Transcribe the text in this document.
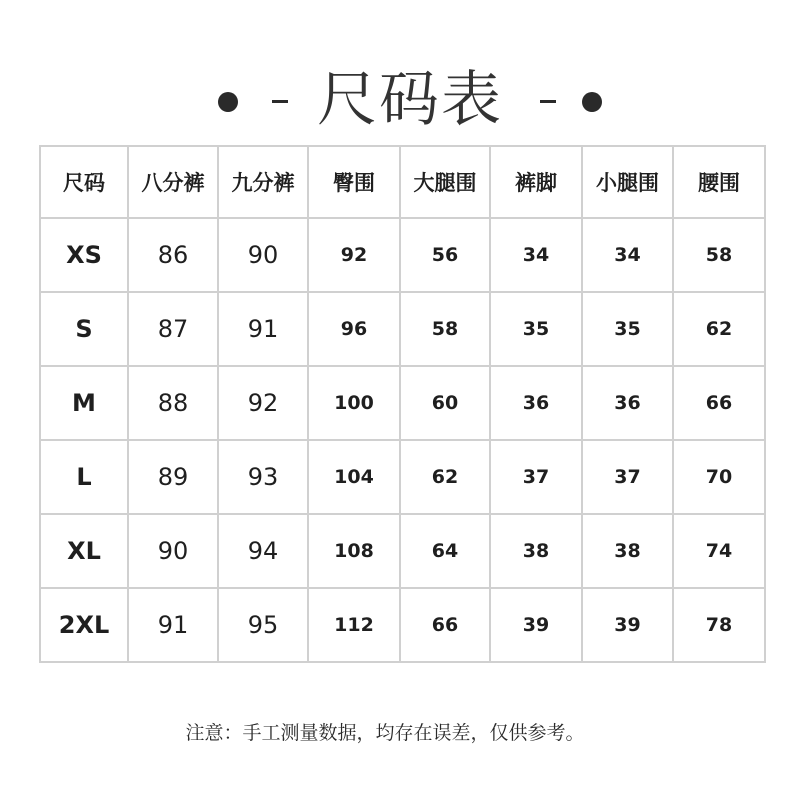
尺码表
尺码	八分裤	九分裤	臀围	大腿围	裤脚	小腿围	腰围
XS	86	90	92	56	34	34	58
S	87	91	96	58	35	35	62
M	88	92	100	60	36	36	66
L	89	93	104	62	37	37	70
XL	90	94	108	64	38	38	74
2XL	91	95	112	66	39	39	78
注意：手工测量数据，均存在误差，仅供参考。
